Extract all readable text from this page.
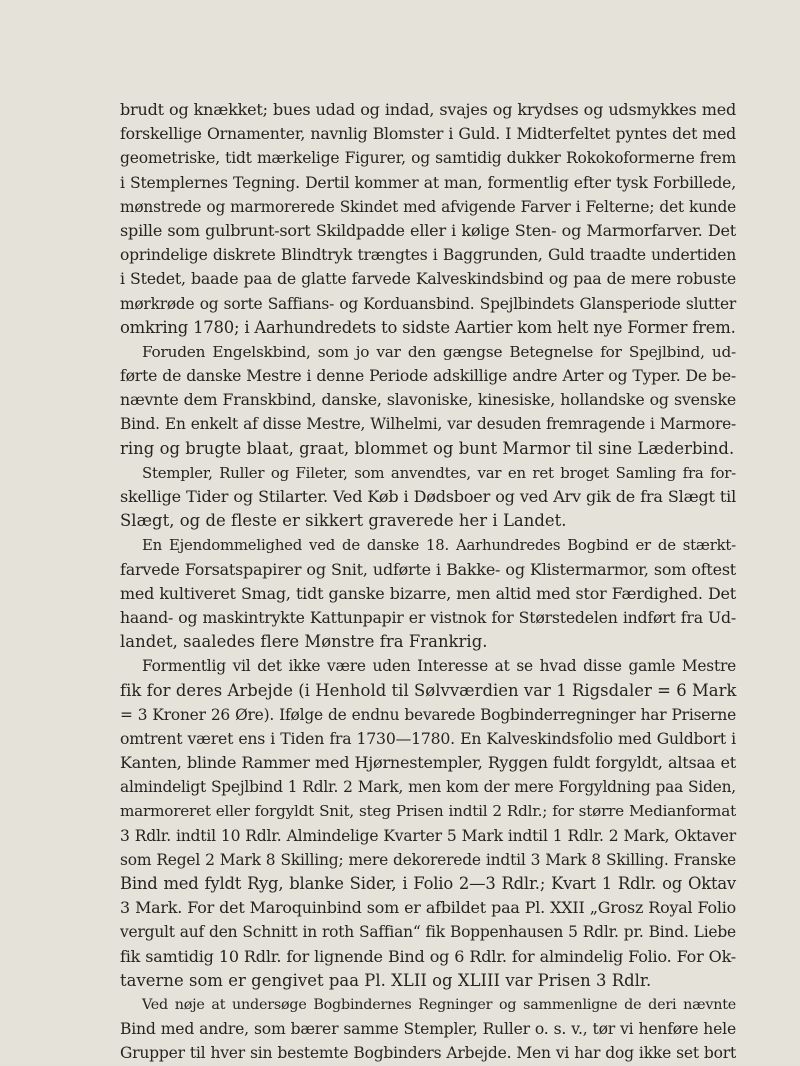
brudt og knækket; bues udad og indad, svajes og krydses og udsmykkes med
forskellige Ornamenter, navnlig Blomster i Guld. I Midterfeltet pyntes det med
geometriske, tidt mærkelige Figurer, og samtidig dukker Rokokoformerne frem
i Stemplernes Tegning. Dertil kommer at man, formentlig efter tysk Forbillede,
mønstrede og marmorerede Skindet med afvigende Farver i Felterne; det kunde
spille som gulbrunt-sort Skildpadde eller i kølige Sten- og Marmorfarver. Det
oprindelige diskrete Blindtryk trængtes i Baggrunden, Guld traadte undertiden
i Stedet, baade paa de glatte farvede Kalveskindsbind og paa de mere robuste
mørkrøde og sorte Saffians- og Korduansbind. Spejlbindets Glansperiode slutter
omkring 1780; i Aarhundredets to sidste Aartier kom helt nye Former frem.
Foruden Engelskbind, som jo var den gængse Betegnelse for Spejlbind, ud-
førte de danske Mestre i denne Periode adskillige andre Arter og Typer. De be-
nævnte dem Franskbind, danske, slavoniske, kinesiske, hollandske og svenske
Bind. En enkelt af disse Mestre, Wilhelmi, var desuden fremragende i Marmore-
ring og brugte blaat, graat, blommet og bunt Marmor til sine Læderbind.
Stempler, Ruller og Fileter, som anvendtes, var en ret broget Samling fra for-
skellige Tider og Stilarter. Ved Køb i Dødsboer og ved Arv gik de fra Slægt til
Slægt, og de fleste er sikkert graverede her i Landet.
En Ejendommelighed ved de danske 18. Aarhundredes Bogbind er de stærkt-
farvede Forsatspapirer og Snit, udførte i Bakke- og Klistermarmor, som oftest
med kultiveret Smag, tidt ganske bizarre, men altid med stor Færdighed. Det
haand- og maskintrykte Kattunpapir er vistnok for Størstedelen indført fra Ud-
landet, saaledes flere Mønstre fra Frankrig.
Formentlig vil det ikke være uden Interesse at se hvad disse gamle Mestre
fik for deres Arbejde (i Henhold til Sølvværdien var 1 Rigsdaler = 6 Mark
= 3 Kroner 26 Øre). Ifølge de endnu bevarede Bogbinderregninger har Priserne
omtrent været ens i Tiden fra 1730—1780. En Kalveskindsfolio med Guldbort i
Kanten, blinde Rammer med Hjørnestempler, Ryggen fuldt forgyldt, altsaa et
almindeligt Spejlbind 1 Rdlr. 2 Mark, men kom der mere Forgyldning paa Siden,
marmoreret eller forgyldt Snit, steg Prisen indtil 2 Rdlr.; for større Medianformat
3 Rdlr. indtil 10 Rdlr. Almindelige Kvarter 5 Mark indtil 1 Rdlr. 2 Mark, Oktaver
som Regel 2 Mark 8 Skilling; mere dekorerede indtil 3 Mark 8 Skilling. Franske
Bind med fyldt Ryg, blanke Sider, i Folio 2—3 Rdlr.; Kvart 1 Rdlr. og Oktav
3 Mark. For det Maroquinbind som er afbildet paa Pl. XXII „Grosz Royal Folio
vergult auf den Schnitt in roth Saffian“ fik Boppenhausen 5 Rdlr. pr. Bind. Liebe
fik samtidig 10 Rdlr. for lignende Bind og 6 Rdlr. for almindelig Folio. For Ok-
taverne som er gengivet paa Pl. XLII og XLIII var Prisen 3 Rdlr.
Ved nøje at undersøge Bogbindernes Regninger og sammenligne de deri nævnte
Bind med andre, som bærer samme Stempler, Ruller o. s. v., tør vi henføre hele
Grupper til hver sin bestemte Bogbinders Arbejde. Men vi har dog ikke set bort
